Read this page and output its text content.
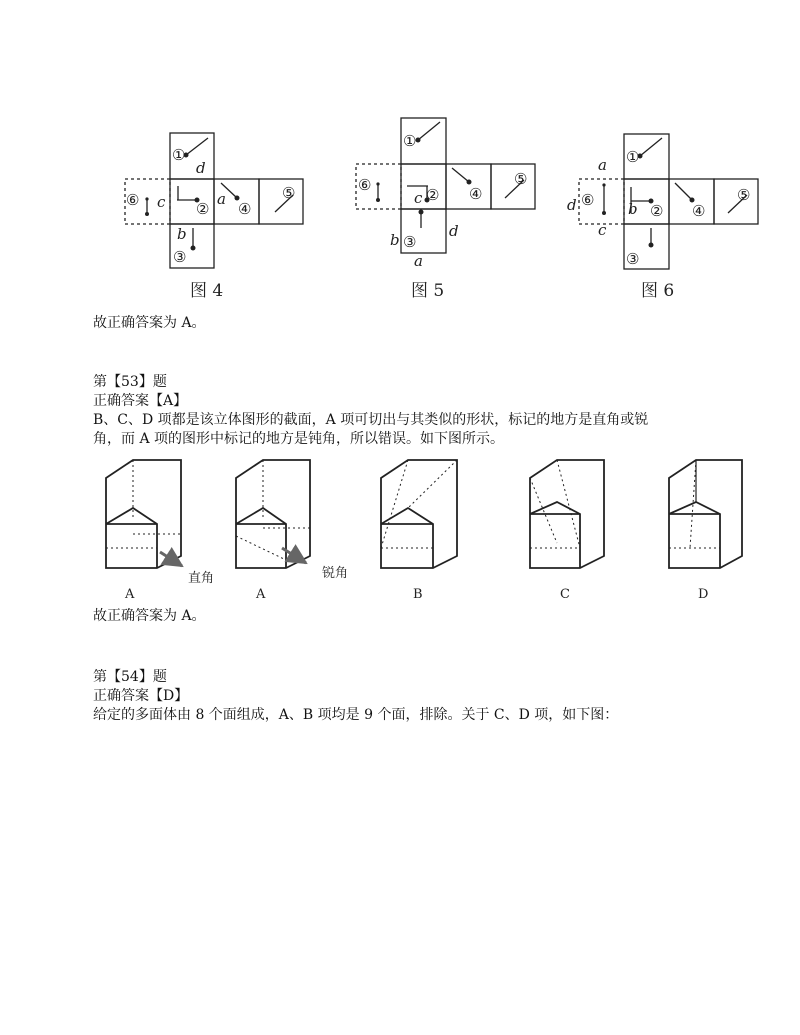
①
②
③
④
⑤
⑥	a
b
c
d
①
②
③
④
⑤
⑥
a
b
c
d
①
②
③
④
⑤
⑥
a
b
c
d
图 4	图 5	图 6
故正确答案为 A。
第【53】题
正确答案【A】
B、C、D 项都是该立体图形的截面，A 项可切出与其类似的形状，标记的地方是直角或锐
角，而 A 项的图形中标记的地方是钝角，所以错误。如下图所示。
直角	锐角
A	A	B	C	D
故正确答案为 A。
第【54】题
正确答案【D】
给定的多面体由 8 个面组成，A、B 项均是 9 个面，排除。关于 C、D 项，如下图：
